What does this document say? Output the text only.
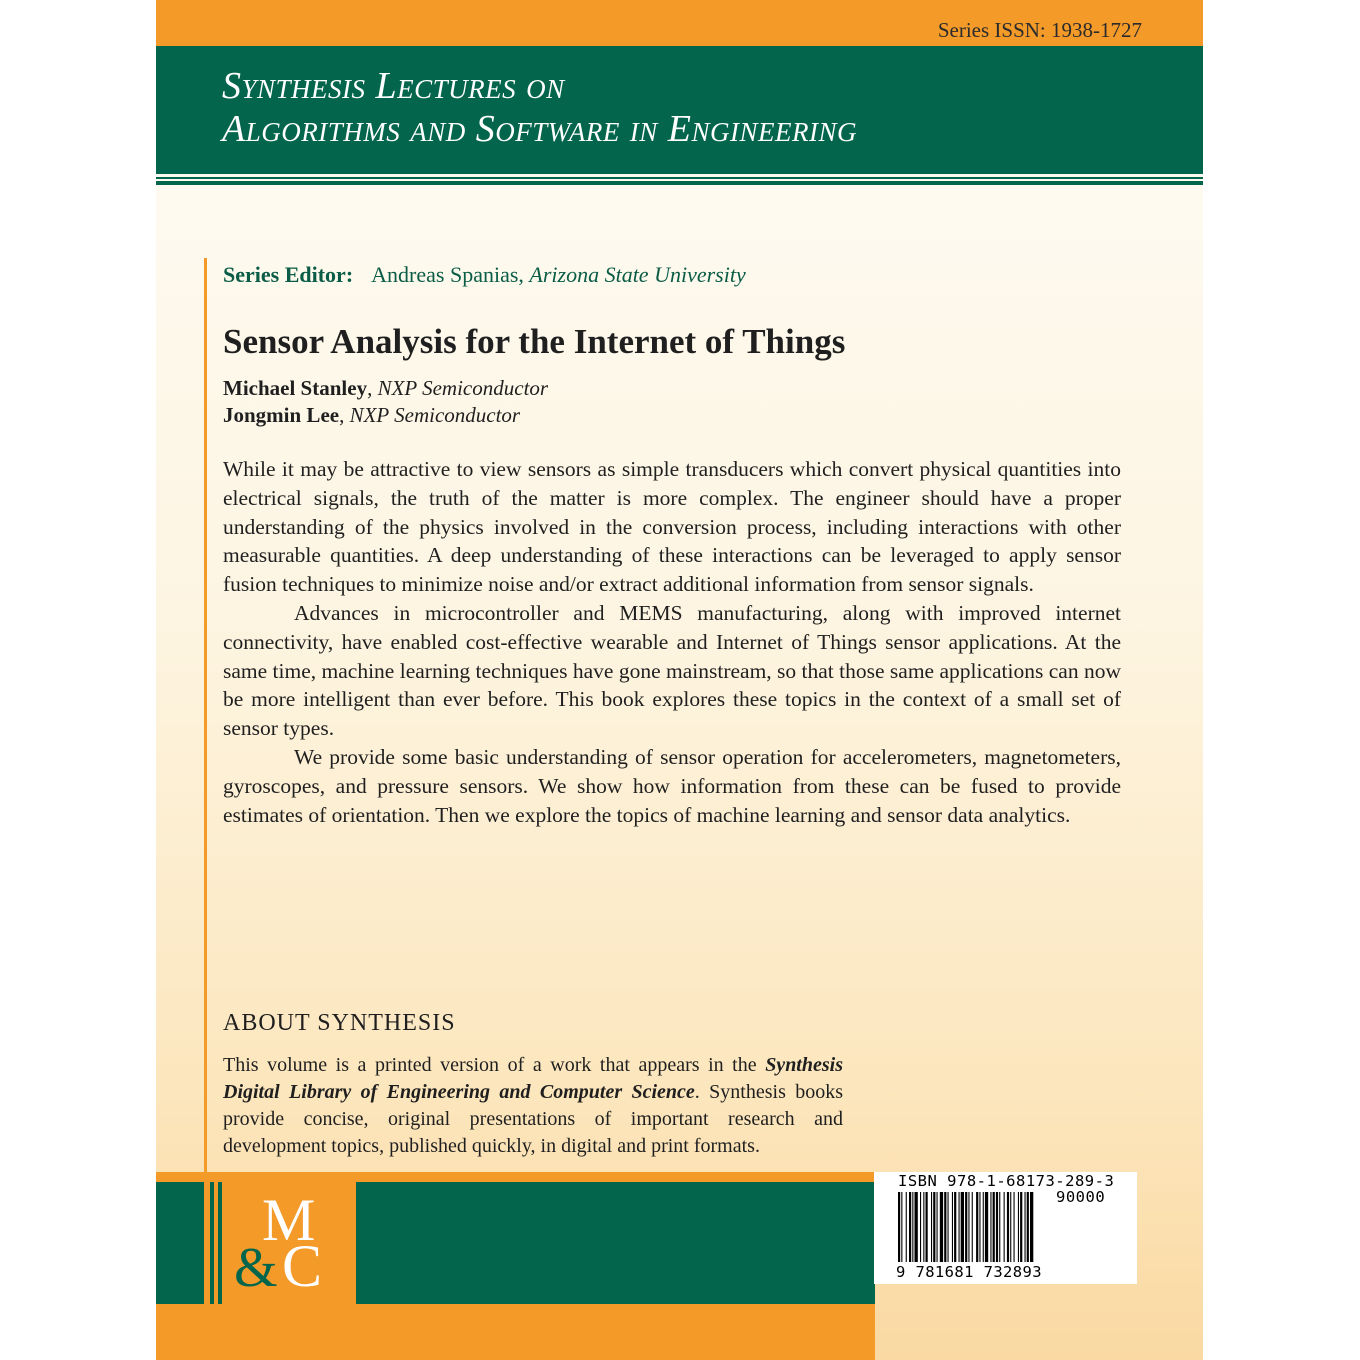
Series ISSN: 1938-1727
Synthesis Lectures on
Algorithms and Software in Engineering
Series Editor: Andreas Spanias, Arizona State University
Sensor Analysis for the Internet of Things
Michael Stanley, NXP Semiconductor
Jongmin Lee, NXP Semiconductor

While it may be attractive to view sensors as simple transducers which convert physical quantities into electrical signals, the truth of the matter is more complex. The engineer should have a proper understanding of the physics involved in the conversion process, including interactions with other measurable quantities. A deep understanding of these interactions can be leveraged to apply sensor fusion techniques to minimize noise and/or extract additional information from sensor signals.

Advances in microcontroller and MEMS manufacturing, along with improved internet connectivity, have enabled cost-effective wearable and Internet of Things sensor applications. At the same time, machine learning techniques have gone mainstream, so that those same applications can now be more intelligent than ever before. This book explores these topics in the context of a small set of sensor types.

We provide some basic understanding of sensor operation for accelerometers, magnetometers, gyroscopes, and pressure sensors. We show how information from these can be fused to provide estimates of orientation. Then we explore the topics of machine learning and sensor data analytics.

ABOUT SYNTHESIS
This volume is a printed version of a work that appears in the Synthesis Digital Library of Engineering and Computer Science. Synthesis books provide concise, original presentations of important research and development topics, published quickly, in digital and print formats.
M
& C
ISBN 978-1-68173-289-3
90000
9 781681 732893
